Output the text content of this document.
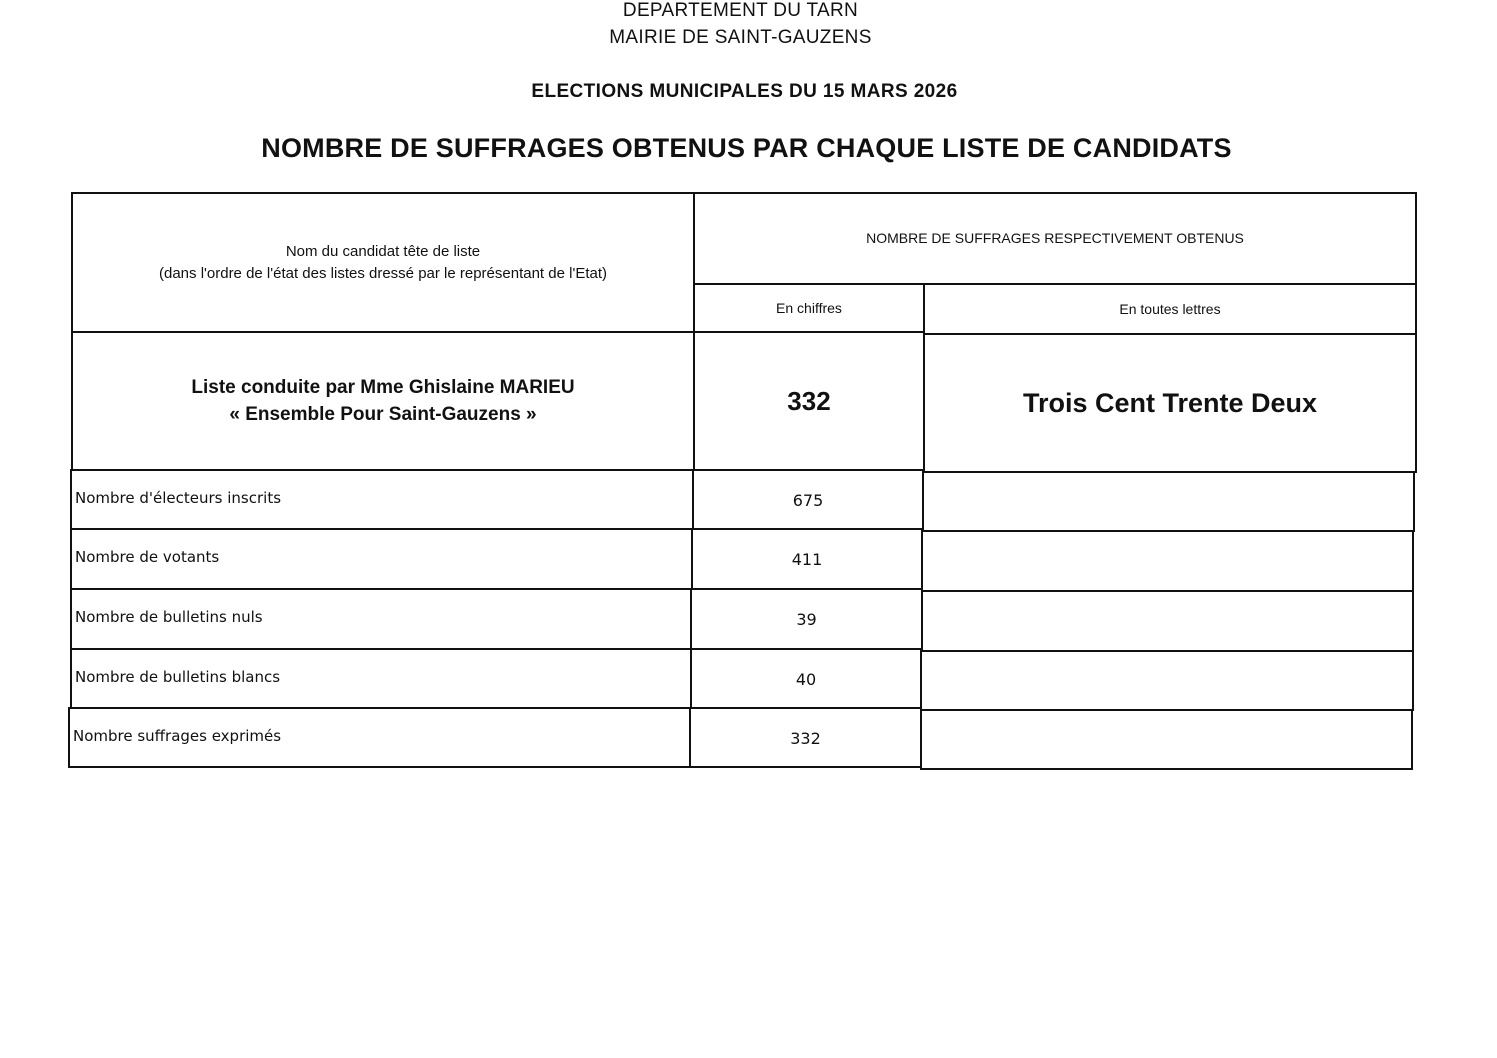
DEPARTEMENT DU TARN
MAIRIE DE SAINT-GAUZENS
ELECTIONS MUNICIPALES DU 15 MARS 2026
NOMBRE DE SUFFRAGES OBTENUS PAR CHAQUE LISTE DE CANDIDATS
Nom du candidat tête de liste
(dans l'ordre de l'état des listes dressé par le représentant de l'Etat)
NOMBRE DE SUFFRAGES RESPECTIVEMENT OBTENUS
En chiffres	En toutes lettres
Liste conduite par Mme Ghislaine MARIEU
« Ensemble Pour Saint-Gauzens »	332	Trois Cent Trente Deux
Nombre d'électeurs inscrits	675
Nombre de votants	411
Nombre de bulletins nuls	39
Nombre de bulletins blancs	40
Nombre suffrages exprimés	332
